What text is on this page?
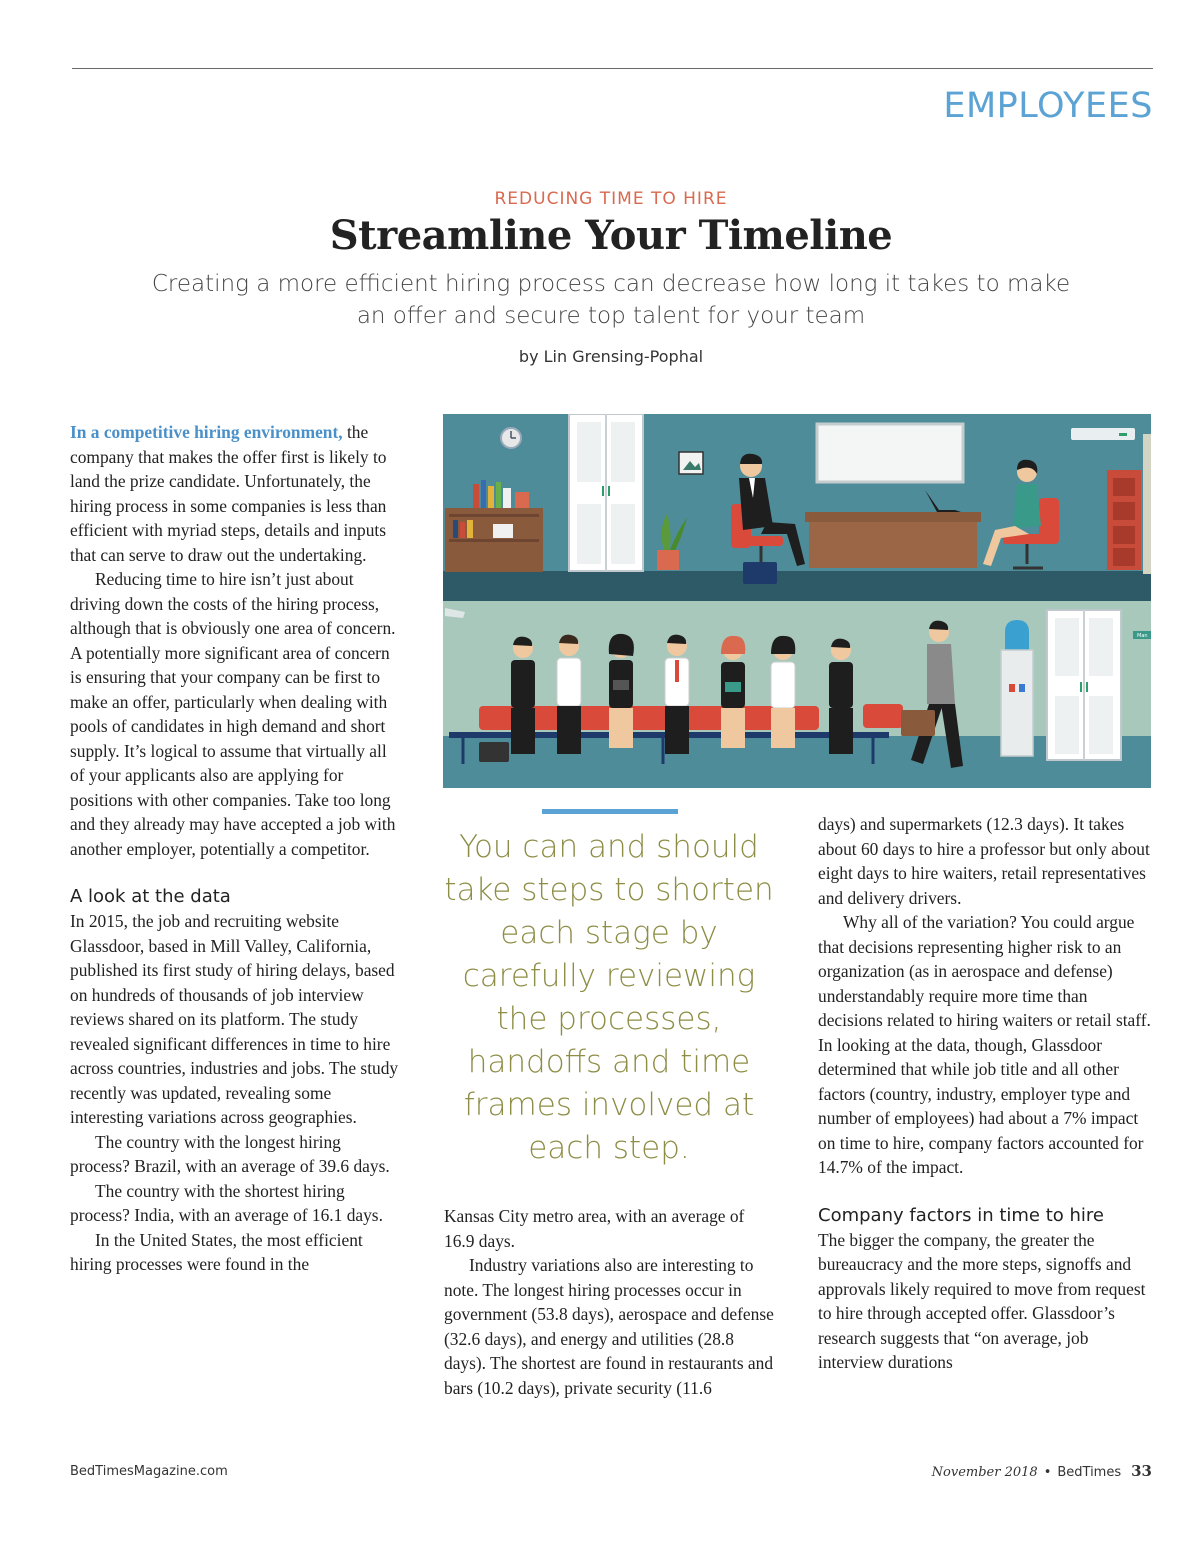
EMPLOYEES
REDUCING TIME TO HIRE
Streamline Your Timeline

Creating a more efficient hiring process can decrease how long it takes to make an offer and secure top talent for your team

by Lin Grensing-Pophal

In a competitive hiring environment, the company that makes the offer first is likely to land the prize candidate. Unfortunately, the hiring process in some companies is less than efficient with myriad steps, details and inputs that can serve to draw out the undertaking.

Reducing time to hire isn’t just about driving down the costs of the hiring process, although that is obviously one area of concern. A potentially more significant area of concern is ensuring that your company can be first to make an offer, particularly when dealing with pools of candidates in high demand and short supply. It’s logical to assume that virtually all of your applicants also are applying for positions with other companies. Take too long and they already may have accepted a job with another employer, potentially a competitor.

A look at the data

In 2015, the job and recruiting website Glassdoor, based in Mill Valley, California, published its first study of hiring delays, based on hundreds of thousands of job interview reviews shared on its platform. The study revealed significant differences in time to hire across countries, industries and jobs. The study recently was updated, revealing some interesting variations across geographies.

The country with the longest hiring process? Brazil, with an average of 39.6 days.

The country with the shortest hiring process? India, with an average of 16.1 days.

In the United States, the most efficient hiring processes were found in the

Man

You can and should take steps to shorten each stage by carefully reviewing the processes, handoffs and time frames involved at each step.

Kansas City metro area, with an average of 16.9 days.

Industry variations also are interesting to note. The longest hiring processes occur in government (53.8 days), aerospace and defense (32.6 days), and energy and utilities (28.8 days). The shortest are found in restaurants and bars (10.2 days), private security (11.6

days) and supermarkets (12.3 days). It takes about 60 days to hire a professor but only about eight days to hire waiters, retail representatives and delivery drivers.

Why all of the variation? You could argue that decisions representing higher risk to an organization (as in aerospace and defense) understandably require more time than decisions related to hiring waiters or retail staff. In looking at the data, though, Glassdoor determined that while job title and all other factors (country, industry, employer type and number of employees) had about a 7% impact on time to hire, company factors accounted for 14.7% of the impact.

Company factors in time to hire

The bigger the company, the greater the bureaucracy and the more steps, signoffs and approvals likely required to move from request to hire through accepted offer. Glassdoor’s research suggests that “on average, job interview durations

BedTimesMagazine.com	November 2018 • BedTimes 33
